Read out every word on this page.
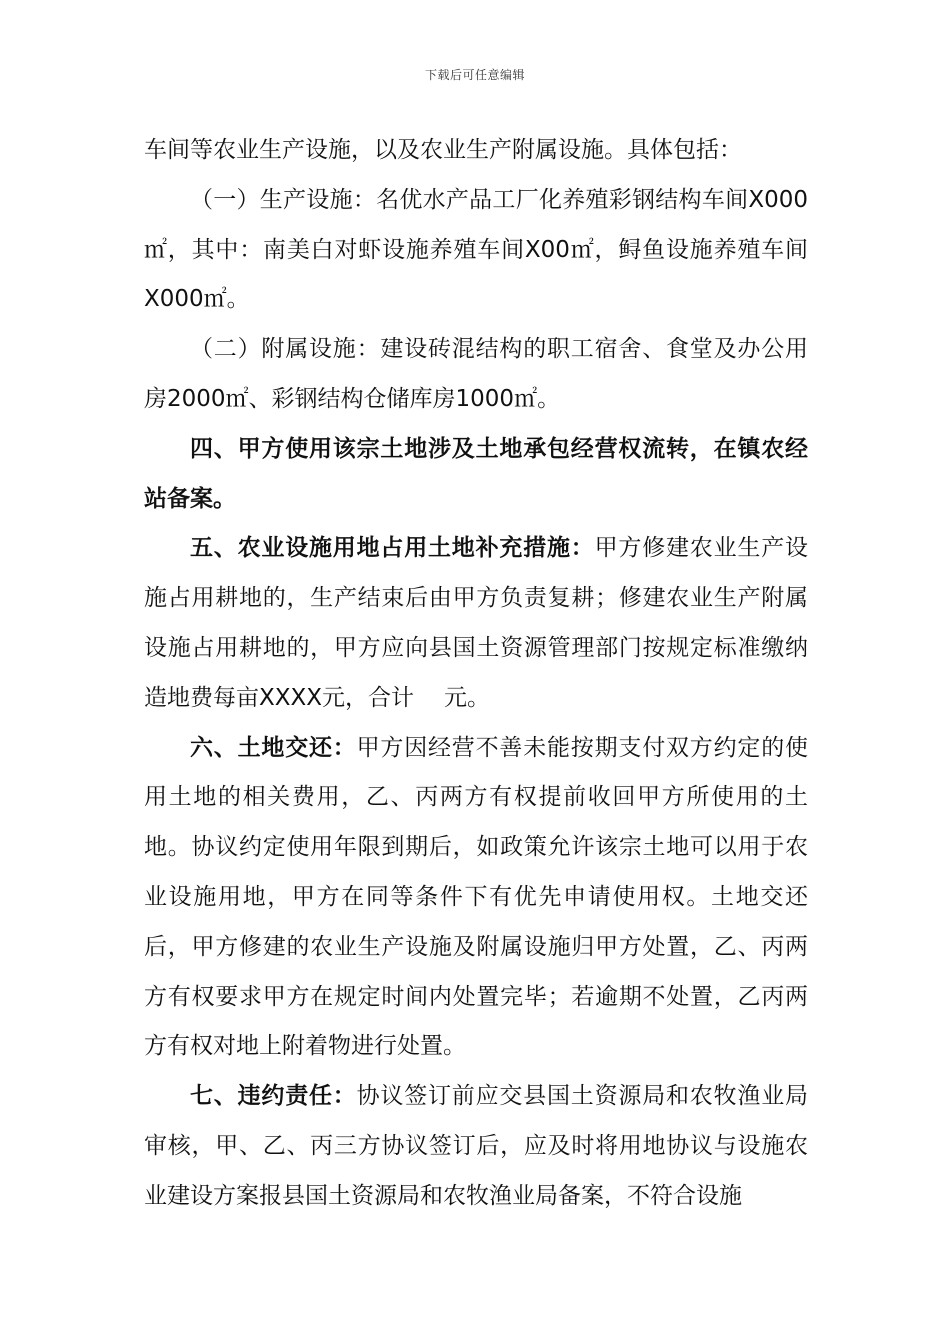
下载后可任意编辑

车间等农业生产设施，以及农业生产附属设施。具体包括：

（一）生产设施：名优水产品工厂化养殖彩钢结构车间X000㎡，其中：南美白对虾设施养殖车间X00㎡，鲟鱼设施养殖车间X000㎡。

（二）附属设施：建设砖混结构的职工宿舍、食堂及办公用房2000㎡、彩钢结构仓储库房1000㎡。

四、甲方使用该宗土地涉及土地承包经营权流转，在镇农经站备案。

五、农业设施用地占用土地补充措施：甲方修建农业生产设施占用耕地的，生产结束后由甲方负责复耕；修建农业生产附属设施占用耕地的，甲方应向县国土资源管理部门按规定标准缴纳造地费每亩XXXX元，合计 元。

六、土地交还：甲方因经营不善未能按期支付双方约定的使用土地的相关费用，乙、丙两方有权提前收回甲方所使用的土地。协议约定使用年限到期后，如政策允许该宗土地可以用于农业设施用地，甲方在同等条件下有优先申请使用权。土地交还后，甲方修建的农业生产设施及附属设施归甲方处置，乙、丙两方有权要求甲方在规定时间内处置完毕；若逾期不处置，乙丙两方有权对地上附着物进行处置。

七、违约责任：协议签订前应交县国土资源局和农牧渔业局审核，甲、乙、丙三方协议签订后，应及时将用地协议与设施农业建设方案报县国土资源局和农牧渔业局备案，不符合设施
